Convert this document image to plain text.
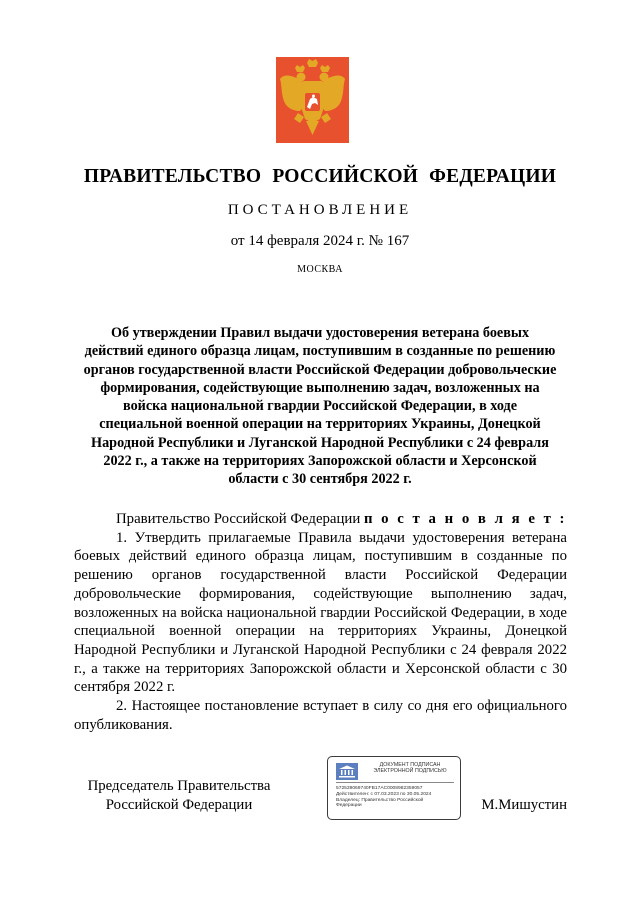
ПРАВИТЕЛЬСТВО РОССИЙСКОЙ ФЕДЕРАЦИИ
ПОСТАНОВЛЕНИЕ
от 14 февраля 2024 г. № 167
МОСКВА
Об утверждении Правил выдачи удостоверения ветерана боевых действий единого образца лицам, поступившим в созданные по решению органов государственной власти Российской Федерации добровольческие формирования, содействующие выполнению задач, возложенных на войска национальной гвардии Российской Федерации, в ходе специальной военной операции на территориях Украины, Донецкой Народной Республики и Луганской Народной Республики с 24 февраля 2022 г., а также на территориях Запорожской области и Херсонской области с 30 сентября 2022 г.

Правительство Российской Федерации п о с т а н о в л я е т :

1. Утвердить прилагаемые Правила выдачи удостоверения ветерана боевых действий единого образца лицам, поступившим в созданные по решению органов государственной власти Российской Федерации добровольческие формирования, содействующие выполнению задач, возложенных на войска национальной гвардии Российской Федерации, в ходе специальной военной операции на территориях Украины, Донецкой Народной Республики и Луганской Народной Республики с 24 февраля 2022 г., а также на территориях Запорожской области и Херсонской области с 30 сентября 2022 г.

2. Настоящее постановление вступает в силу со дня его официального опубликования.

Председатель Правительства
Российской Федерации
ДОКУМЕНТ ПОДПИСАН
ЭЛЕКТРОННОЙ ПОДПИСЬЮ
572539069740FB17AC0008982359057
Действителен: с 07.03.2023 по 30.05.2024
Владелец: Правительство Российской
Федерации	М.Мишустин
